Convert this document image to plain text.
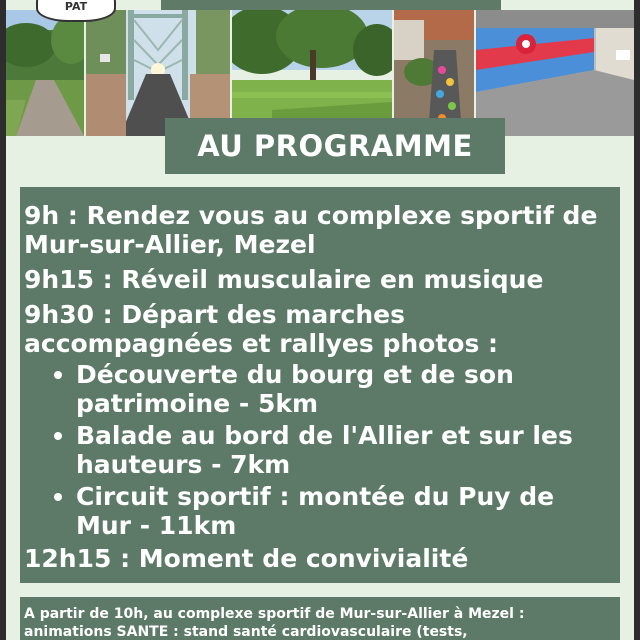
PAT
AU PROGRAMME
9h : Rendez vous au complexe sportif de Mur-sur-Allier, Mezel
9h15 : Réveil musculaire en musique
9h30 : Départ des marches accompagnées et rallyes photos :
Découverte du bourg et de son patrimoine - 5km
Balade au bord de l'Allier et sur les hauteurs - 7km
Circuit sportif : montée du Puy de Mur - 11km
12h15 : Moment de convivialité
A partir de 10h, au complexe sportif de Mur-sur-Allier à Mezel :
animations SANTE : stand santé cardiovasculaire (tests,
